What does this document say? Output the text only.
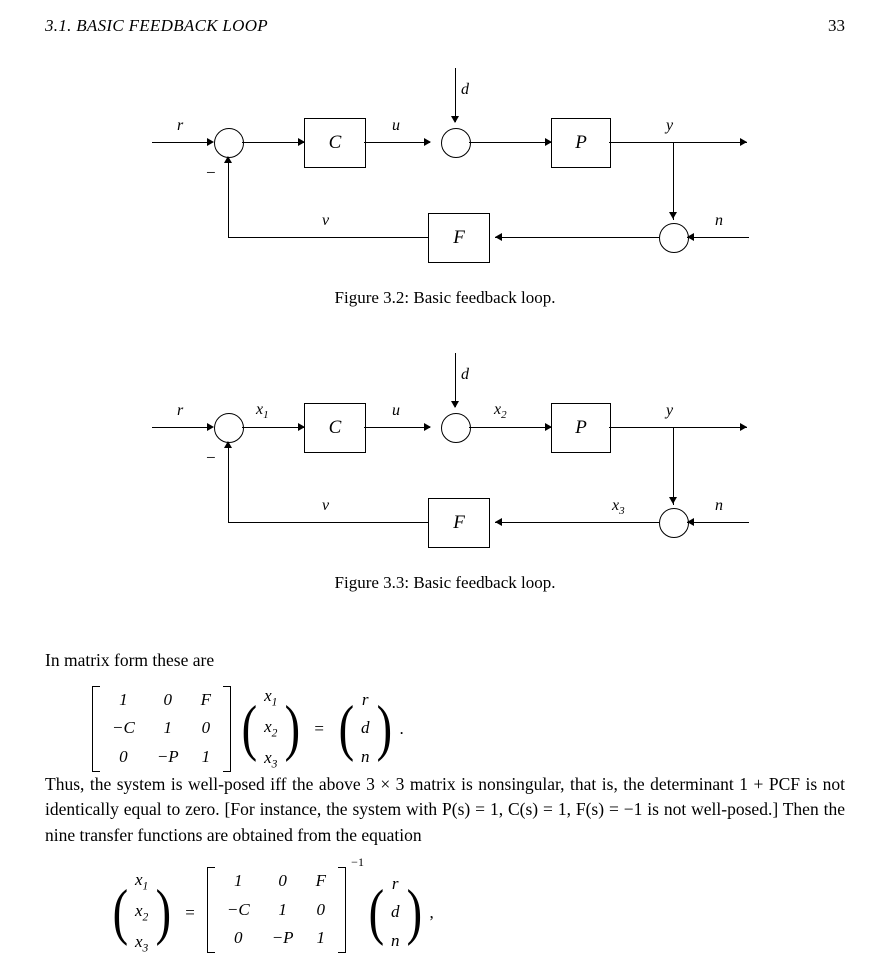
3.1. BASIC FEEDBACK LOOP	33
r
−
C
u
d
P
y
n
F
v
Figure 3.2: Basic feedback loop.
r
−
$x_1$
C
u
d
$x_2$
P
y
n
$x_3$
F
v
Figure 3.3: Basic feedback loop.
In matrix form these are
1	0	F
−C	1	0
0	−P	1
( $x_1$
$x_2$
$x_3$
)
=
( r
d
n
)
.
Thus, the system is well-posed iff the above 3 × 3 matrix is nonsingular, that is, the determinant 1 + PCF is not identically equal to zero. [For instance, the system with P(s) = 1, C(s) = 1, F(s) = −1 is not well-posed.] Then the nine transfer functions are obtained from the equation
( $x_1$
$x_2$
$x_3$
)
=
1	0	F
−C	1	0
0	−P	1
−1
( r
d
n
)
,
